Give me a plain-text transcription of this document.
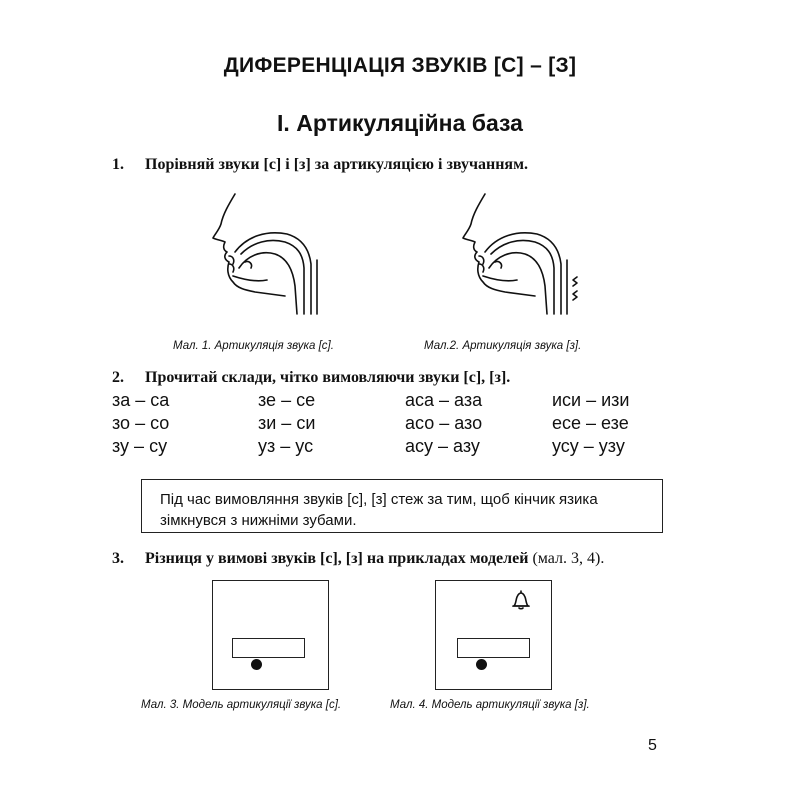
ДИФЕРЕНЦІАЦІЯ ЗВУКІВ [С] – [З]
І. Артикуляційна база
1. Порівняй звуки [с] і [з] за артикуляцією і звучанням.
Мал. 1. Артикуляція звука [с].	Мал.2. Артикуляція звука [з].
2. Прочитай склади, чітко вимовляючи звуки [с], [з].
за – са	зе – се	аса – аза	иси – изи
зо – со	зи – си	асо – азо	есе – езе
зу – су	уз – ус	асу – азу	усу – узу
Під час вимовляння звуків [с], [з] стеж за тим, щоб кінчик язика
зімкнувся з нижніми зубами.
3. Різниця у вимові звуків [с], [з] на прикладах моделей (мал. 3, 4).
Мал. 3. Модель артикуляції звука [с].	Мал. 4. Модель артикуляції звука [з].
5
